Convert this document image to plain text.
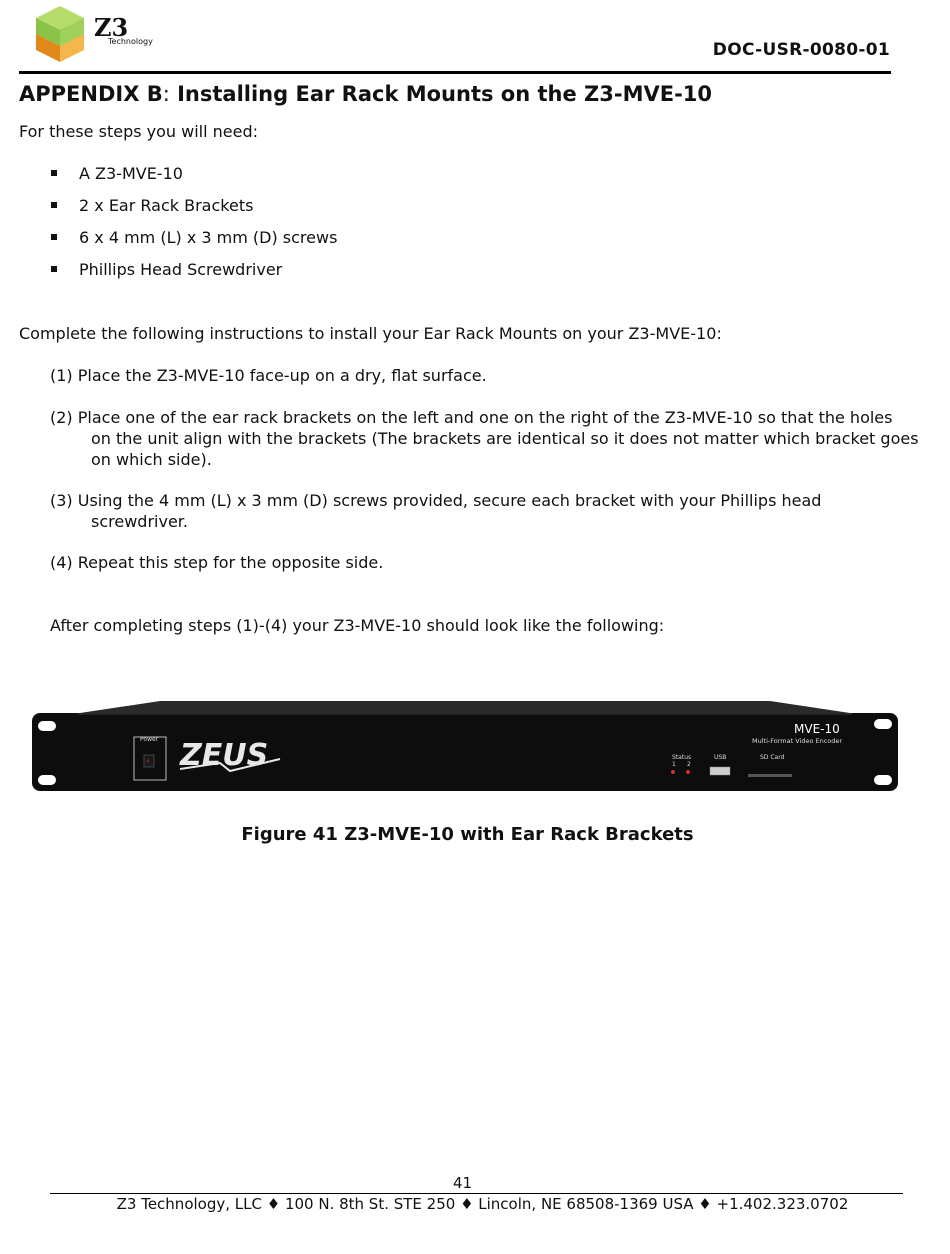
Z3
Technology	DOC-USR-0080-01
APPENDIX B: Installing Ear Rack Mounts on the Z3-MVE-10
For these steps you will need:
A Z3-MVE-10
2 x Ear Rack Brackets
6 x 4 mm (L) x 3 mm (D) screws
Phillips Head Screwdriver
Complete the following instructions to install your Ear Rack Mounts on your Z3-MVE-10:
(1) Place the Z3-MVE-10 face-up on a dry, flat surface.
(2) Place one of the ear rack brackets on the left and one on the right of the Z3-MVE-10 so that the holes
on the unit align with the brackets (The brackets are identical so it does not matter which bracket goes on which side).
(3) Using the 4 mm (L) x 3 mm (D) screws provided, secure each bracket with your Phillips head
screwdriver.
(4) Repeat this step for the opposite side.
After completing steps (1)-(4) your Z3-MVE-10 should look like the following:
Power ZEUS
MVE-10
Multi-Format Video Encoder
Status
1 2
USB	SD Card
Figure 41 Z3-MVE-10 with Ear Rack Brackets
41
Z3 Technology, LLC ♦ 100 N. 8th St. STE 250 ♦ Lincoln, NE 68508-1369 USA ♦ +1.402.323.0702
